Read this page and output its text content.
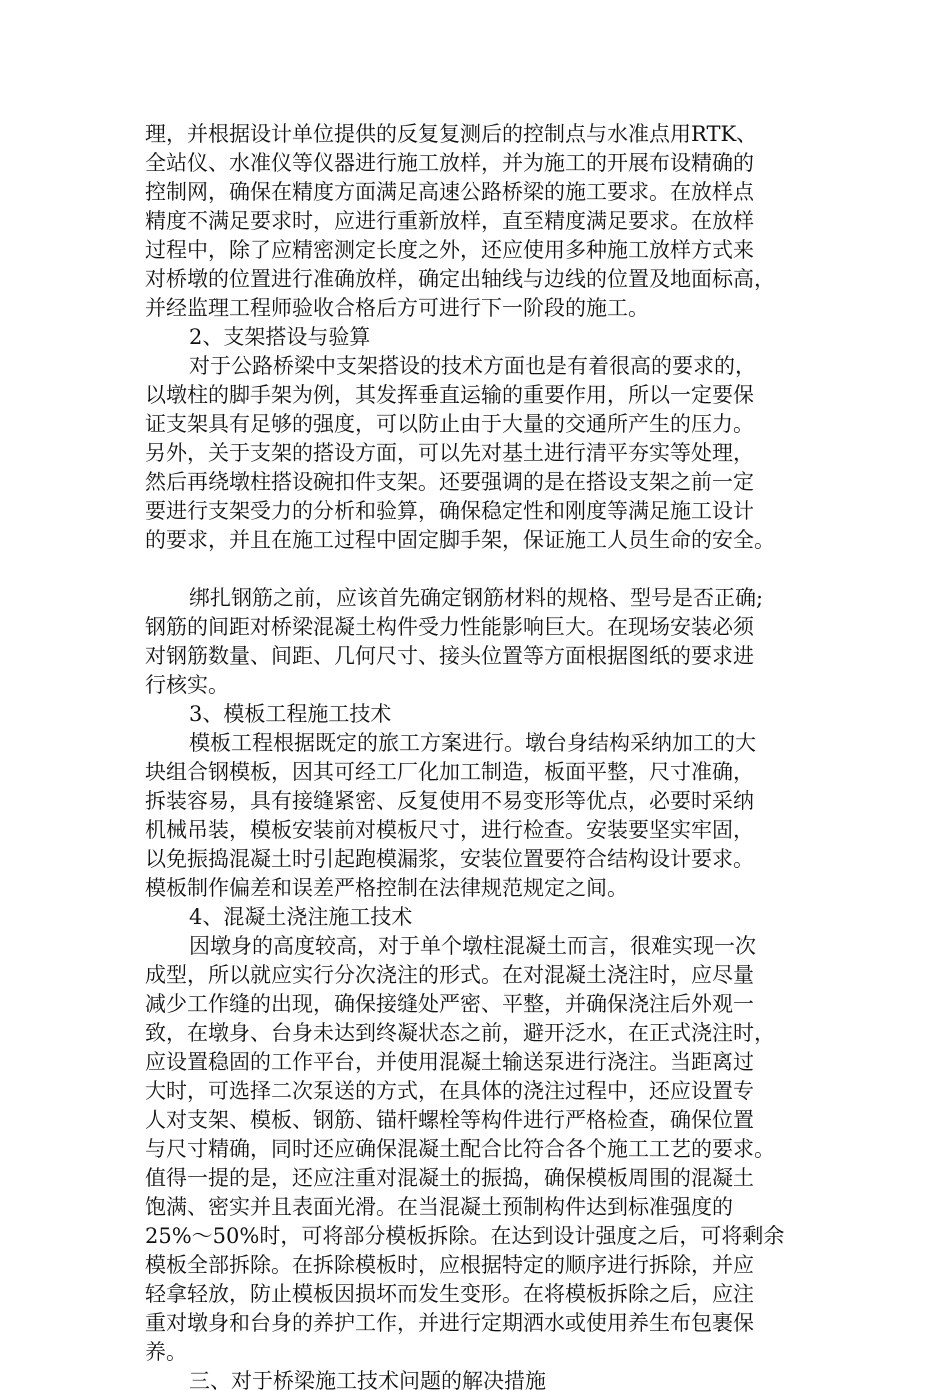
理，并根据设计单位提供的反复复测后的控制点与水准点用RTK、
全站仪、水准仪等仪器进行施工放样，并为施工的开展布设精确的
控制网，确保在精度方面满足高速公路桥梁的施工要求。在放样点
精度不满足要求时，应进行重新放样，直至精度满足要求。在放样
过程中，除了应精密测定长度之外，还应使用多种施工放样方式来
对桥墩的位置进行准确放样，确定出轴线与边线的位置及地面标高，
并经监理工程师验收合格后方可进行下一阶段的施工。
2、支架搭设与验算
对于公路桥梁中支架搭设的技术方面也是有着很高的要求的，
以墩柱的脚手架为例，其发挥垂直运输的重要作用，所以一定要保
证支架具有足够的强度，可以防止由于大量的交通所产生的压力。
另外，关于支架的搭设方面，可以先对基土进行清平夯实等处理，
然后再绕墩柱搭设碗扣件支架。还要强调的是在搭设支架之前一定
要进行支架受力的分析和验算，确保稳定性和刚度等满足施工设计
的要求，并且在施工过程中固定脚手架，保证施工人员生命的安全。
绑扎钢筋之前，应该首先确定钢筋材料的规格、型号是否正确;
钢筋的间距对桥梁混凝土构件受力性能影响巨大。在现场安装必须
对钢筋数量、间距、几何尺寸、接头位置等方面根据图纸的要求进
行核实。
3、模板工程施工技术
模板工程根据既定的旅工方案进行。墩台身结构采纳加工的大
块组合钢模板，因其可经工厂化加工制造，板面平整，尺寸准确，
拆装容易，具有接缝紧密、反复使用不易变形等优点，必要时采纳
机械吊装，模板安装前对模板尺寸，进行检查。安装要坚实牢固，
以免振捣混凝土时引起跑模漏浆，安装位置要符合结构设计要求。
模板制作偏差和误差严格控制在法律规范规定之间。
4、混凝土浇注施工技术
因墩身的高度较高，对于单个墩柱混凝土而言，很难实现一次
成型，所以就应实行分次浇注的形式。在对混凝土浇注时，应尽量
减少工作缝的出现，确保接缝处严密、平整，并确保浇注后外观一
致，在墩身、台身未达到终凝状态之前，避开泛水，在正式浇注时，
应设置稳固的工作平台，并使用混凝土输送泵进行浇注。当距离过
大时，可选择二次泵送的方式，在具体的浇注过程中，还应设置专
人对支架、模板、钢筋、锚杆螺栓等构件进行严格检查，确保位置
与尺寸精确，同时还应确保混凝土配合比符合各个施工工艺的要求。
值得一提的是，还应注重对混凝土的振捣，确保模板周围的混凝土
饱满、密实并且表面光滑。在当混凝土预制构件达到标准强度的
25%～50%时，可将部分模板拆除。在达到设计强度之后，可将剩余
模板全部拆除。在拆除模板时，应根据特定的顺序进行拆除，并应
轻拿轻放，防止模板因损坏而发生变形。在将模板拆除之后，应注
重对墩身和台身的养护工作，并进行定期洒水或使用养生布包裹保
养。
三、对于桥梁施工技术问题的解决措施
